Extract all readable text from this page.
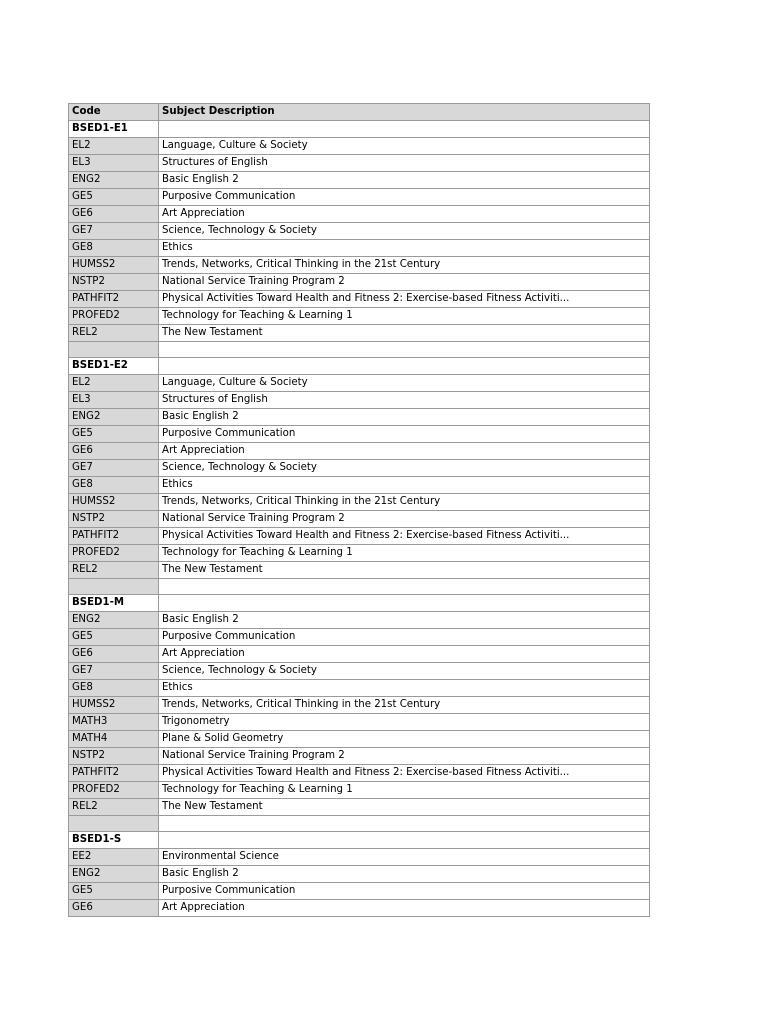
Code	Subject Description
BSED1-E1	
EL2	Language, Culture & Society
EL3	Structures of English
ENG2	Basic English 2
GE5	Purposive Communication
GE6	Art Appreciation
GE7	Science, Technology & Society
GE8	Ethics
HUMSS2	Trends, Networks, Critical Thinking in the 21st Century
NSTP2	National Service Training Program 2
PATHFIT2	Physical Activities Toward Health and Fitness 2: Exercise-based Fitness Activiti...
PROFED2	Technology for Teaching & Learning 1
REL2	The New Testament

BSED1-E2	
EL2	Language, Culture & Society
EL3	Structures of English
ENG2	Basic English 2
GE5	Purposive Communication
GE6	Art Appreciation
GE7	Science, Technology & Society
GE8	Ethics
HUMSS2	Trends, Networks, Critical Thinking in the 21st Century
NSTP2	National Service Training Program 2
PATHFIT2	Physical Activities Toward Health and Fitness 2: Exercise-based Fitness Activiti...
PROFED2	Technology for Teaching & Learning 1
REL2	The New Testament

BSED1-M	
ENG2	Basic English 2
GE5	Purposive Communication
GE6	Art Appreciation
GE7	Science, Technology & Society
GE8	Ethics
HUMSS2	Trends, Networks, Critical Thinking in the 21st Century
MATH3	Trigonometry
MATH4	Plane & Solid Geometry
NSTP2	National Service Training Program 2
PATHFIT2	Physical Activities Toward Health and Fitness 2: Exercise-based Fitness Activiti...
PROFED2	Technology for Teaching & Learning 1
REL2	The New Testament

BSED1-S	
EE2	Environmental Science
ENG2	Basic English 2
GE5	Purposive Communication
GE6	Art Appreciation
